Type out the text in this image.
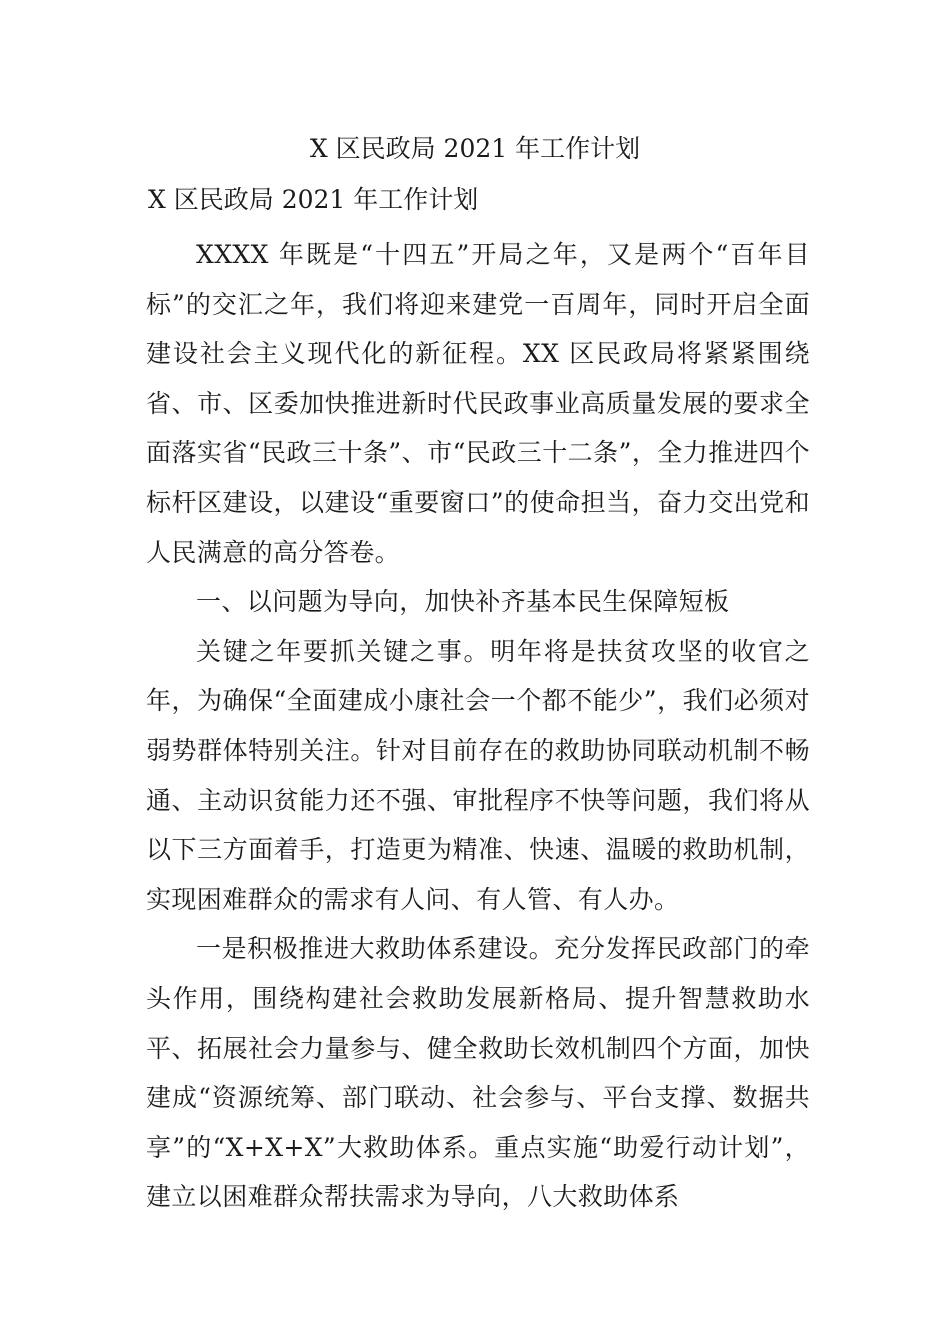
X 区民政局 2021 年工作计划
X 区民政局 2021 年工作计划

XXXX 年既是“十四五”开局之年，又是两个“百年目标”的交汇之年，我们将迎来建党一百周年，同时开启全面建设社会主义现代化的新征程。XX 区民政局将紧紧围绕省、市、区委加快推进新时代民政事业高质量发展的要求全面落实省“民政三十条”、市“民政三十二条”，全力推进四个标杆区建设，以建设“重要窗口”的使命担当，奋力交出党和人民满意的高分答卷。

一、以问题为导向，加快补齐基本民生保障短板

关键之年要抓关键之事。明年将是扶贫攻坚的收官之年，为确保“全面建成小康社会一个都不能少”，我们必须对弱势群体特别关注。针对目前存在的救助协同联动机制不畅通、主动识贫能力还不强、审批程序不快等问题，我们将从以下三方面着手，打造更为精准、快速、温暖的救助机制，实现困难群众的需求有人问、有人管、有人办。

一是积极推进大救助体系建设。充分发挥民政部门的牵头作用，围绕构建社会救助发展新格局、提升智慧救助水平、拓展社会力量参与、健全救助长效机制四个方面，加快建成“资源统筹、部门联动、社会参与、平台支撑、数据共享”的“X+X+X”大救助体系。重点实施“助爱行动计划”，建立以困难群众帮扶需求为导向，八大救助体系
